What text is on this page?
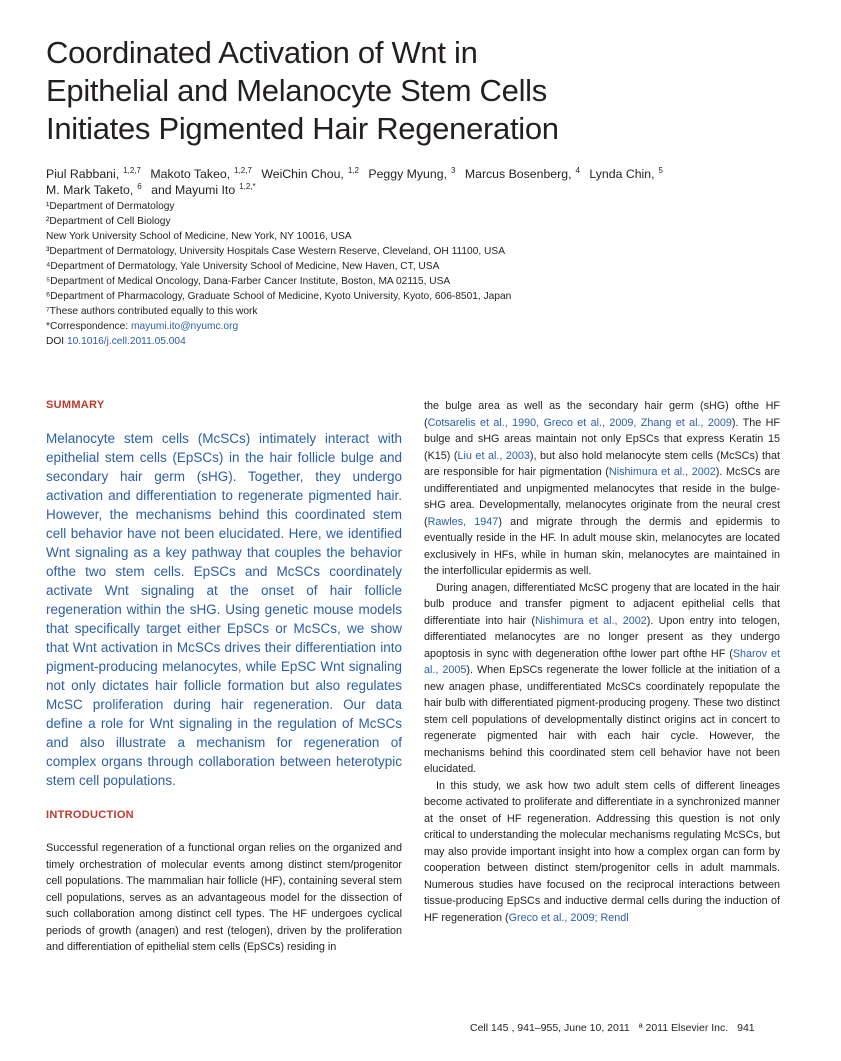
Coordinated Activation of Wnt in
Epithelial and Melanocyte Stem Cells
Initiates Pigmented Hair Regeneration
Piul Rabbani, $^{1,2,7}$ Makoto Takeo, $^{1,2,7}$ WeiChin Chou, $^{1,2}$ Peggy Myung, $^3$ Marcus Bosenberg, $^4$ Lynda Chin, $^5$
M. Mark Taketo, $^6$ and Mayumi Ito $^{1,2,*}$
¹Department of Dermatology
²Department of Cell Biology
New York University School of Medicine, New York, NY 10016, USA
³Department of Dermatology, University Hospitals Case Western Reserve, Cleveland, OH 11100, USA
⁴Department of Dermatology, Yale University School of Medicine, New Haven, CT, USA
⁵Department of Medical Oncology, Dana-Farber Cancer Institute, Boston, MA 02115, USA
⁶Department of Pharmacology, Graduate School of Medicine, Kyoto University, Kyoto, 606-8501, Japan
⁷These authors contributed equally to this work
*Correspondence: mayumi.ito@nyumc.org
DOI 10.1016/j.cell.2011.05.004
SUMMARY

Melanocyte stem cells (McSCs) intimately interact with epithelial stem cells (EpSCs) in the hair follicle bulge and secondary hair germ (sHG). Together, they undergo activation and differentiation to regenerate pigmented hair. However, the mechanisms behind this coordinated stem cell behavior have not been elucidated. Here, we identified Wnt signaling as a key pathway that couples the behavior ofthe two stem cells. EpSCs and McSCs coordinately activate Wnt signaling at the onset of hair follicle regeneration within the sHG. Using genetic mouse models that specifically target either EpSCs or McSCs, we show that Wnt activation in McSCs drives their differentiation into pigment-producing melanocytes, while EpSC Wnt signaling not only dictates hair follicle formation but also regulates McSC proliferation during hair regeneration. Our data define a role for Wnt signaling in the regulation of McSCs and also illustrate a mechanism for regeneration of complex organs through collaboration between heterotypic stem cell populations.

INTRODUCTION

Successful regeneration of a functional organ relies on the organized and timely orchestration of molecular events among distinct stem/progenitor cell populations. The mammalian hair follicle (HF), containing several stem cell populations, serves as an advantageous model for the dissection of such collaboration among distinct cell types. The HF undergoes cyclical periods of growth (anagen) and rest (telogen), driven by the proliferation and differentiation of epithelial stem cells (EpSCs) residing in

the bulge area as well as the secondary hair germ (sHG) ofthe HF (Cotsarelis et al., 1990, Greco et al., 2009, Zhang et al., 2009). The HF bulge and sHG areas maintain not only EpSCs that express Keratin 15 (K15) (Liu et al., 2003), but also hold melanocyte stem cells (McSCs) that are responsible for hair pigmentation (Nishimura et al., 2002). McSCs are undifferentiated and unpigmented melanocytes that reside in the bulge-sHG area. Developmentally, melanocytes originate from the neural crest (Rawles, 1947) and migrate through the dermis and epidermis to eventually reside in the HF. In adult mouse skin, melanocytes are located exclusively in HFs, while in human skin, melanocytes are maintained in the interfollicular epidermis as well.

During anagen, differentiated McSC progeny that are located in the hair bulb produce and transfer pigment to adjacent epithelial cells that differentiate into hair (Nishimura et al., 2002). Upon entry into telogen, differentiated melanocytes are no longer present as they undergo apoptosis in sync with degeneration ofthe lower part ofthe HF (Sharov et al., 2005). When EpSCs regenerate the lower follicle at the initiation of a new anagen phase, undifferentiated McSCs coordinately repopulate the hair bulb with differentiated pigment-producing progeny. These two distinct stem cell populations of developmentally distinct origins act in concert to regenerate pigmented hair with each hair cycle. However, the mechanisms behind this coordinated stem cell behavior have not been elucidated.

In this study, we ask how two adult stem cells of different lineages become activated to proliferate and differentiate in a synchronized manner at the onset of HF regeneration. Addressing this question is not only critical to understanding the molecular mechanisms regulating McSCs, but may also provide important insight into how a complex organ can form by cooperation between distinct stem/progenitor cells in adult mammals. Numerous studies have focused on the reciprocal interactions between tissue-producing EpSCs and inductive dermal cells during the induction of HF regeneration (Greco et al., 2009; Rendl

Cell 145 , 941–955, June 10, 2011 ª 2011 Elsevier Inc. 941
